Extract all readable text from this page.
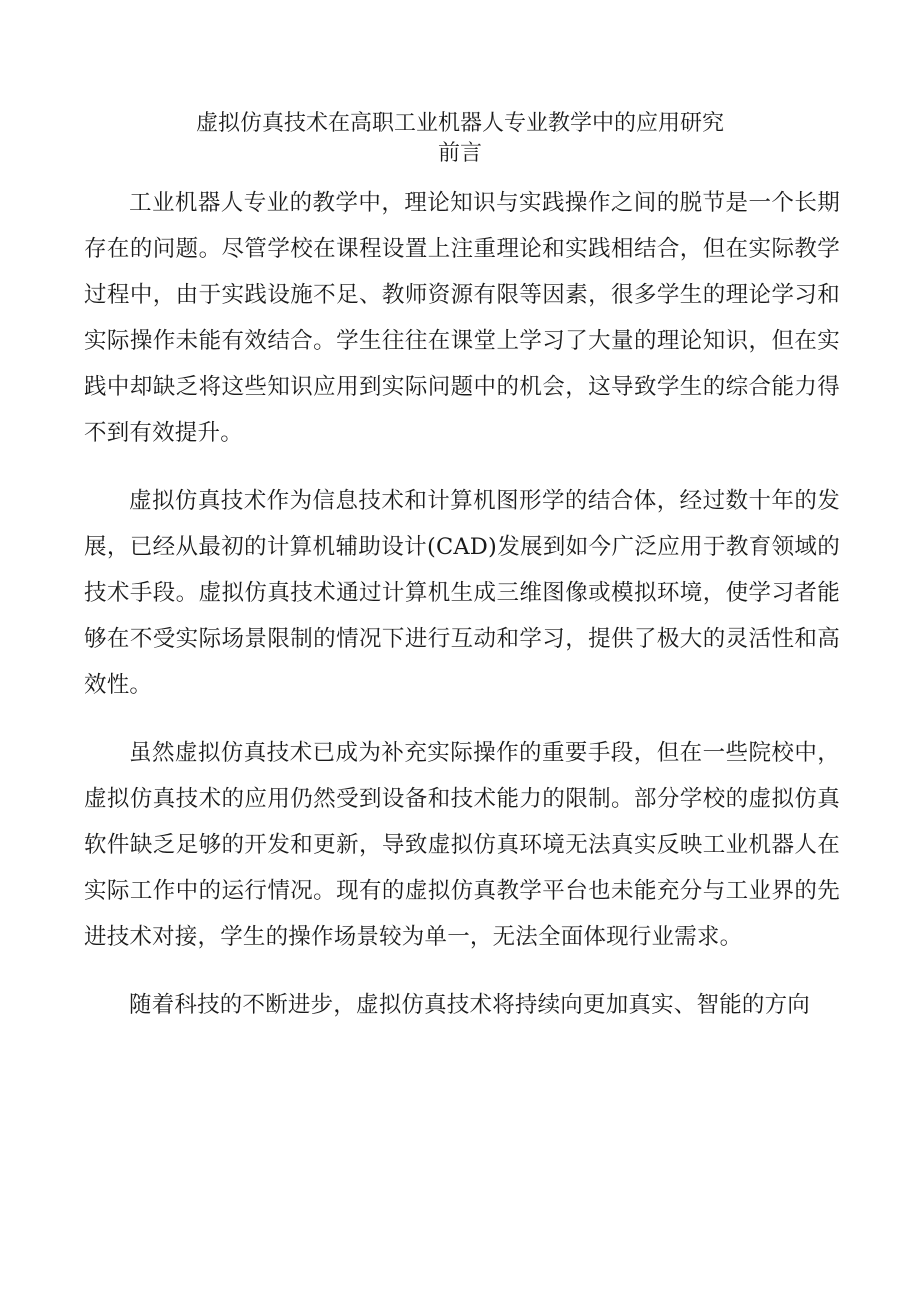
虚拟仿真技术在高职工业机器人专业教学中的应用研究
前言

工业机器人专业的教学中，理论知识与实践操作之间的脱节是一个长期存在的问题。尽管学校在课程设置上注重理论和实践相结合，但在实际教学过程中，由于实践设施不足、教师资源有限等因素，很多学生的理论学习和实际操作未能有效结合。学生往往在课堂上学习了大量的理论知识，但在实践中却缺乏将这些知识应用到实际问题中的机会，这导致学生的综合能力得不到有效提升。

虚拟仿真技术作为信息技术和计算机图形学的结合体，经过数十年的发展，已经从最初的计算机辅助设计(CAD)发展到如今广泛应用于教育领域的技术手段。虚拟仿真技术通过计算机生成三维图像或模拟环境，使学习者能够在不受实际场景限制的情况下进行互动和学习，提供了极大的灵活性和高效性。

虽然虚拟仿真技术已成为补充实际操作的重要手段，但在一些院校中，虚拟仿真技术的应用仍然受到设备和技术能力的限制。部分学校的虚拟仿真软件缺乏足够的开发和更新，导致虚拟仿真环境无法真实反映工业机器人在实际工作中的运行情况。现有的虚拟仿真教学平台也未能充分与工业界的先进技术对接，学生的操作场景较为单一，无法全面体现行业需求。

随着科技的不断进步，虚拟仿真技术将持续向更加真实、智能的方向
